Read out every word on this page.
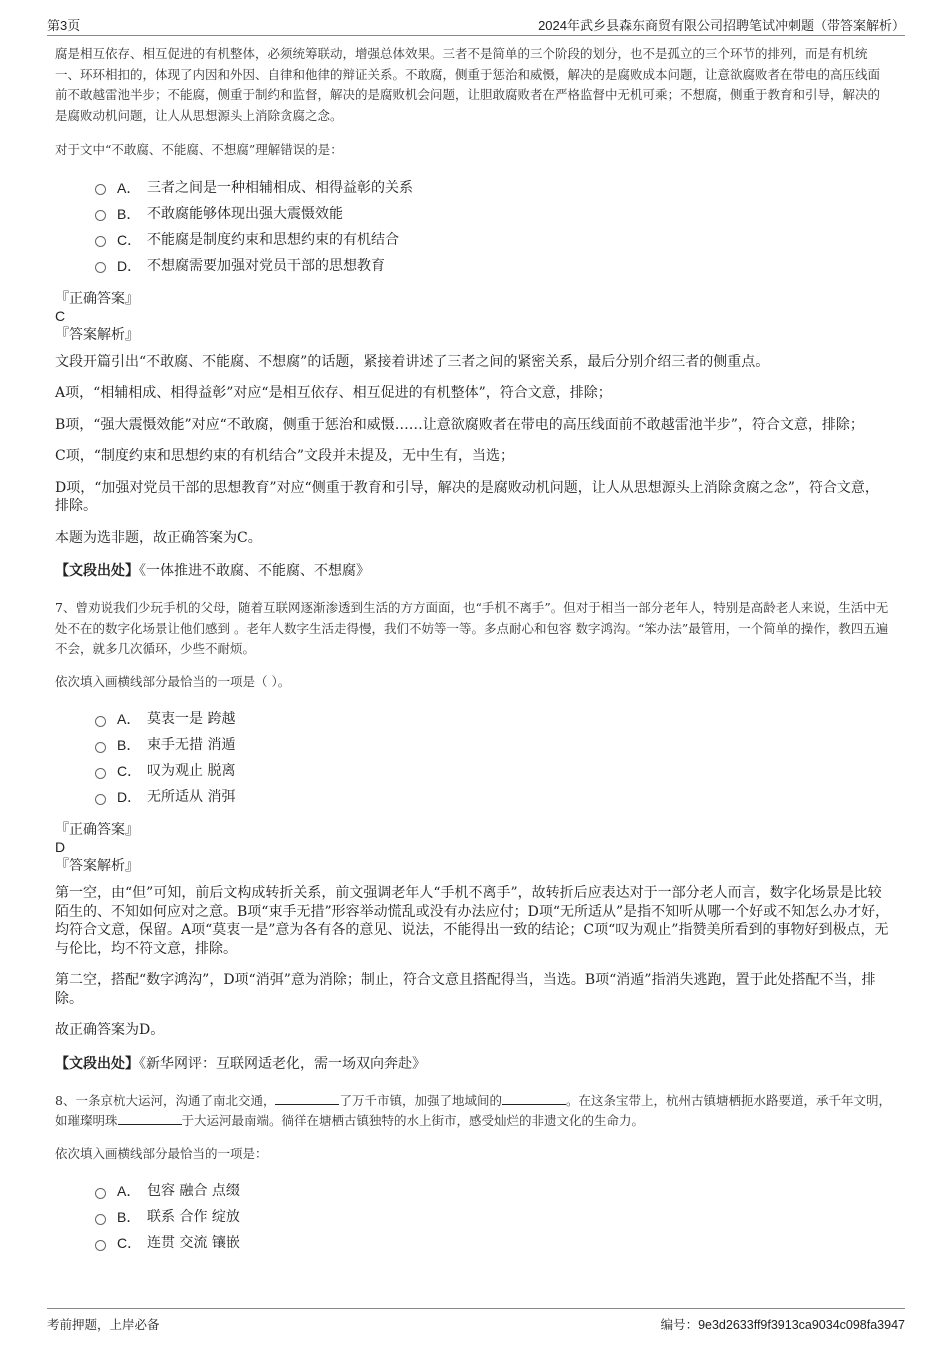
第3页	2024年武乡县森东商贸有限公司招聘笔试冲刺题（带答案解析）

腐是相互依存、相互促进的有机整体，必须统筹联动，增强总体效果。三者不是简单的三个阶段的划分，也不是孤立的三个环节的排列，而是有机统一、环环相扣的，体现了内因和外因、自律和他律的辩证关系。不敢腐，侧重于惩治和威慑，解决的是腐败成本问题，让意欲腐败者在带电的高压线面前不敢越雷池半步；不能腐，侧重于制约和监督，解决的是腐败机会问题，让胆敢腐败者在严格监督中无机可乘；不想腐，侧重于教育和引导，解决的是腐败动机问题，让人从思想源头上消除贪腐之念。

对于文中“不敢腐、不能腐、不想腐”理解错误的是：

A． 三者之间是一种相辅相成、相得益彰的关系
B． 不敢腐能够体现出强大震慑效能
C． 不能腐是制度约束和思想约束的有机结合
D． 不想腐需要加强对党员干部的思想教育
『正确答案』
C
『答案解析』

文段开篇引出“不敢腐、不能腐、不想腐”的话题，紧接着讲述了三者之间的紧密关系，最后分别介绍三者的侧重点。

A项，“相辅相成、相得益彰”对应“是相互依存、相互促进的有机整体”，符合文意，排除；

B项，“强大震慑效能”对应“不敢腐，侧重于惩治和威慑……让意欲腐败者在带电的高压线面前不敢越雷池半步”，符合文意，排除；

C项，“制度约束和思想约束的有机结合”文段并未提及，无中生有，当选；

D项，“加强对党员干部的思想教育”对应“侧重于教育和引导，解决的是腐败动机问题，让人从思想源头上消除贪腐之念”，符合文意，排除。

本题为选非题，故正确答案为C。

【文段出处】《一体推进不敢腐、不能腐、不想腐》

7、曾劝说我们少玩手机的父母，随着互联网逐渐渗透到生活的方方面面，也“手机不离手”。但对于相当一部分老年人，特别是高龄老人来说，生活中无处不在的数字化场景让他们感到 。老年人数字生活走得慢，我们不妨等一等。多点耐心和包容 数字鸿沟。“笨办法”最管用，一个简单的操作，教四五遍不会，就多几次循环，少些不耐烦。

依次填入画横线部分最恰当的一项是（ ）。

A． 莫衷一是 跨越
B． 束手无措 消遁
C． 叹为观止 脱离
D． 无所适从 消弭
『正确答案』
D
『答案解析』

第一空，由“但”可知，前后文构成转折关系，前文强调老年人“手机不离手”，故转折后应表达对于一部分老人而言，数字化场景是比较陌生的、不知如何应对之意。B项“束手无措”形容举动慌乱或没有办法应付；D项“无所适从”是指不知听从哪一个好或不知怎么办才好，均符合文意，保留。A项“莫衷一是”意为各有各的意见、说法，不能得出一致的结论；C项“叹为观止”指赞美所看到的事物好到极点，无与伦比，均不符文意，排除。

第二空，搭配“数字鸿沟”，D项“消弭”意为消除；制止，符合文意且搭配得当，当选。B项“消遁”指消失逃跑，置于此处搭配不当，排除。

故正确答案为D。

【文段出处】《新华网评：互联网适老化，需一场双向奔赴》

8、一条京杭大运河，沟通了南北交通，	了万千市镇，加强了地域间的	。在这条宝带上，杭州古镇塘栖扼水路要道，承千年文明，如璀璨明珠	于大运河最南端。徜徉在塘栖古镇独特的水上街市，感受灿烂的非遗文化的生命力。

依次填入画横线部分最恰当的一项是：

A． 包容 融合 点缀
B． 联系 合作 绽放
C． 连贯 交流 镶嵌
考前押题，上岸必备	编号：9e3d2633ff9f3913ca9034c098fa3947
